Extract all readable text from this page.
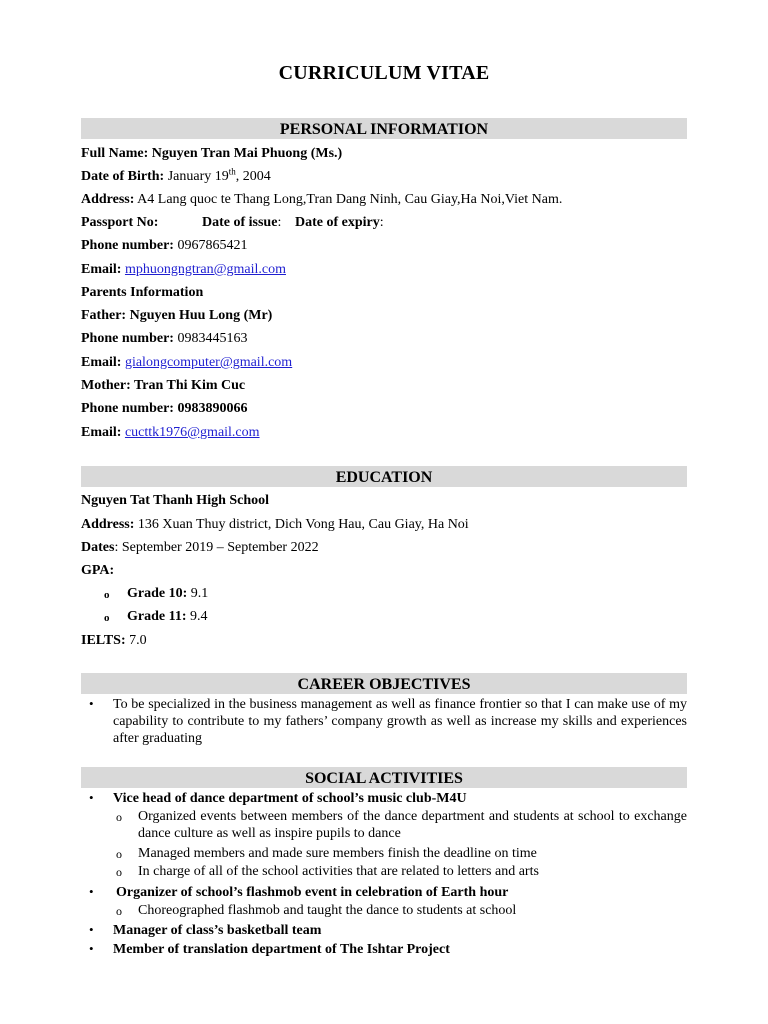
CURRICULUM VITAE
PERSONAL INFORMATION
Full Name: Nguyen Tran Mai Phuong (Ms.)
Date of Birth: January 19th, 2004
Address: A4 Lang quoc te Thang Long,Tran Dang Ninh, Cau Giay,Ha Noi,Viet Nam.
Passport No:	Date of issue: Date of expiry:
Phone number: 0967865421
Email: mphuongngtran@gmail.com
Parents Information
Father: Nguyen Huu Long (Mr)
Phone number: 0983445163
Email: gialongcomputer@gmail.com
Mother: Tran Thi Kim Cuc
Phone number: 0983890066
Email: cucttk1976@gmail.com
EDUCATION
Nguyen Tat Thanh High School
Address: 136 Xuan Thuy district, Dich Vong Hau, Cau Giay, Ha Noi
Dates: September 2019 – September 2022
GPA:
o Grade 10: 9.1
o Grade 11: 9.4
IELTS: 7.0
CAREER OBJECTIVES
• To be specialized in the business management as well as finance frontier so that I can make use of my capability to contribute to my fathers’ company growth as well as increase my skills and experiences after graduating
SOCIAL ACTIVITIES
• Vice head of dance department of school’s music club-M4U
o Organized events between members of the dance department and students at school to exchange dance culture as well as inspire pupils to dance
o Managed members and made sure members finish the deadline on time
o In charge of all of the school activities that are related to letters and arts
• Organizer of school’s flashmob event in celebration of Earth hour
o Choreographed flashmob and taught the dance to students at school
• Manager of class’s basketball team
• Member of translation department of The Ishtar Project
